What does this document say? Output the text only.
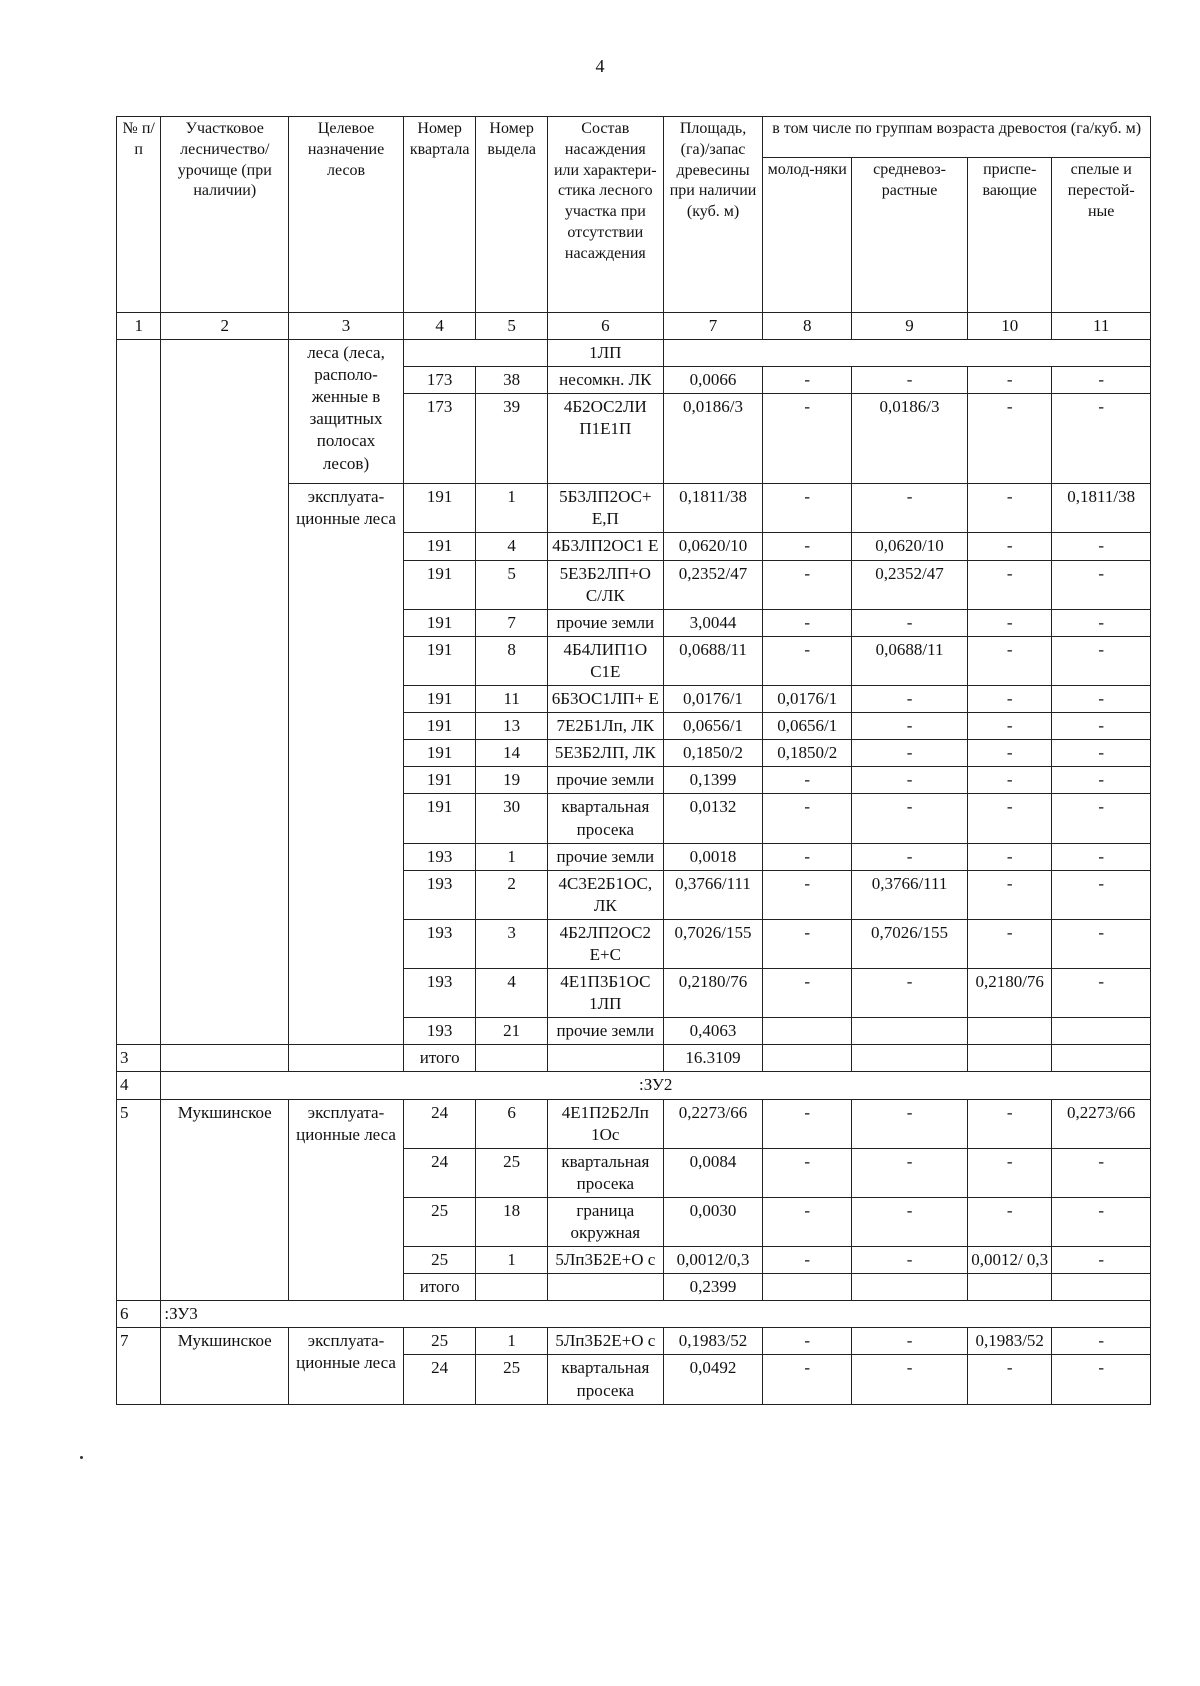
4
№ п/п	Участковое лесничество/ урочище (при наличии)	Целевое назначение лесов	Номер квартала	Номер выдела	Состав насаждения или характери-стика лесного участка при отсутствии насаждения	Площадь, (га)/запас древесины при наличии (куб. м)	в том числе по группам возраста древостоя (га/куб. м)			
							молод-няки	средневоз-растные	приспе-вающие	спелые и перестой-ные
1	2	3	4	5	6	7	8	9	10	11
		леса (леса, располо-женные в защитных полосах лесов)			1ЛП					
			173	38	несомкн. ЛК	0,0066	-	-	-	-
			173	39	4Б2ОС2ЛИ П1Е1П	0,0186/3	-	0,0186/3	-	-
		эксплуата-ционные леса	191	1	5Б3ЛП2ОС+ Е,П	0,1811/38	-	-	-	0,1811/38
			191	4	4Б3ЛП2ОС1 Е	0,0620/10	-	0,0620/10	-	-
			191	5	5Е3Б2ЛП+О С/ЛК	0,2352/47	-	0,2352/47	-	-
			191	7	прочие земли	3,0044	-	-	-	-
			191	8	4Б4ЛИП1О С1Е	0,0688/11	-	0,0688/11	-	-
			191	11	6Б3ОС1ЛП+ Е	0,0176/1	0,0176/1	-	-	-
			191	13	7Е2Б1Лп, ЛК	0,0656/1	0,0656/1	-	-	-
			191	14	5Е3Б2ЛП, ЛК	0,1850/2	0,1850/2	-	-	-
			191	19	прочие земли	0,1399	-	-	-	-
			191	30	квартальная просека	0,0132	-	-	-	-
			193	1	прочие земли	0,0018	-	-	-	-
			193	2	4С3Е2Б1ОС, ЛК	0,3766/111	-	0,3766/111	-	-
			193	3	4Б2ЛП2ОС2 Е+С	0,7026/155	-	0,7026/155	-	-
			193	4	4Е1П3Б1ОС 1ЛП	0,2180/76	-	-	0,2180/76	-
			193	21	прочие земли	0,4063				
3			итого			16.3109				
4	:ЗУ2									
5	Мукшинское	эксплуата-ционные леса	24	6	4Е1П2Б2Лп 1Ос	0,2273/66	-	-	-	0,2273/66
			24	25	квартальная просека	0,0084	-	-	-	-
			25	18	граница окружная	0,0030	-	-	-	-
			25	1	5Лп3Б2Е+О с	0,0012/0,3	-	-	0,0012/ 0,3	-
			итого			0,2399				
6	:ЗУ3									
7	Мукшинское	эксплуата-ционные леса	25	1	5Лп3Б2Е+О с	0,1983/52	-	-	0,1983/52	-
			24	25	квартальная просека	0,0492	-	-	-	-
